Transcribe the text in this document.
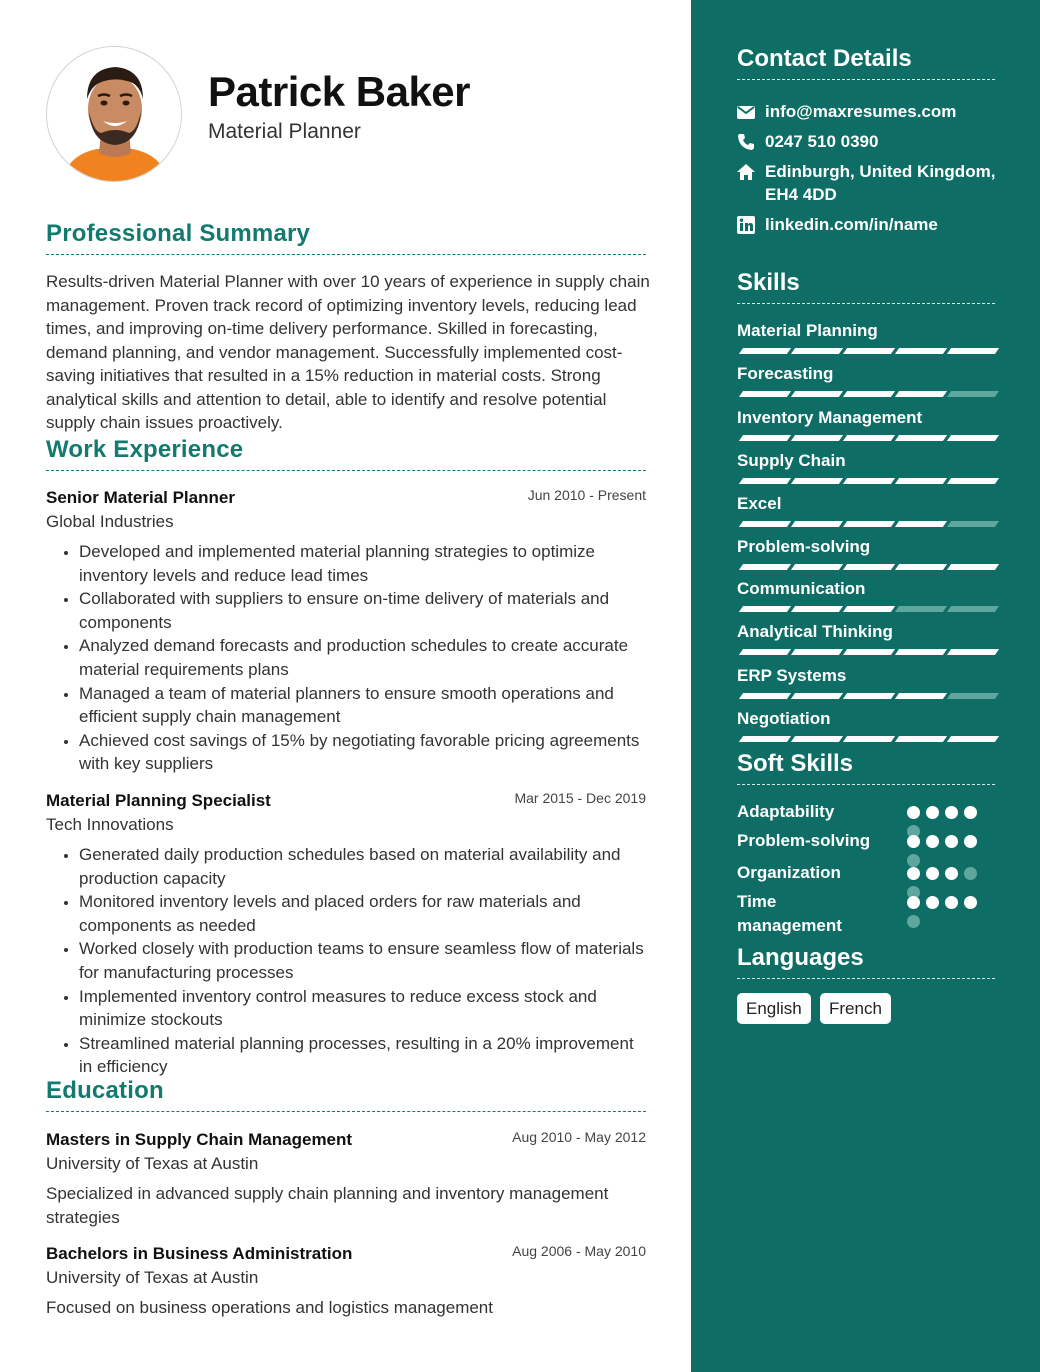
Patrick Baker
Material Planner
Professional Summary
Results-driven Material Planner with over 10 years of experience in supply chain management. Proven track record of optimizing inventory levels, reducing lead times, and improving on-time delivery performance. Skilled in forecasting, demand planning, and vendor management. Successfully implemented cost-saving initiatives that resulted in a 15% reduction in material costs. Strong analytical skills and attention to detail, able to identify and resolve potential supply chain issues proactively.
Work Experience
Senior Material Planner	Jun 2010 - Present
Global Industries
• Developed and implemented material planning strategies to optimize inventory levels and reduce lead times
• Collaborated with suppliers to ensure on-time delivery of materials and components
• Analyzed demand forecasts and production schedules to create accurate material requirements plans
• Managed a team of material planners to ensure smooth operations and efficient supply chain management
• Achieved cost savings of 15% by negotiating favorable pricing agreements with key suppliers
Material Planning Specialist	Mar 2015 - Dec 2019
Tech Innovations
• Generated daily production schedules based on material availability and production capacity
• Monitored inventory levels and placed orders for raw materials and components as needed
• Worked closely with production teams to ensure seamless flow of materials for manufacturing processes
• Implemented inventory control measures to reduce excess stock and minimize stockouts
• Streamlined material planning processes, resulting in a 20% improvement in efficiency
Education
Masters in Supply Chain Management	Aug 2010 - May 2012
University of Texas at Austin
Specialized in advanced supply chain planning and inventory management strategies
Bachelors in Business Administration	Aug 2006 - May 2010
University of Texas at Austin
Focused on business operations and logistics management
Contact Details
info@maxresumes.com
0247 510 0390
Edinburgh, United Kingdom, EH4 4DD
linkedin.com/in/name
Skills
Material Planning
Forecasting
Inventory Management
Supply Chain
Excel
Problem-solving
Communication
Analytical Thinking
ERP Systems
Negotiation
Soft Skills
Adaptability
Problem-solving
Organization
Time management
Languages
English	French
